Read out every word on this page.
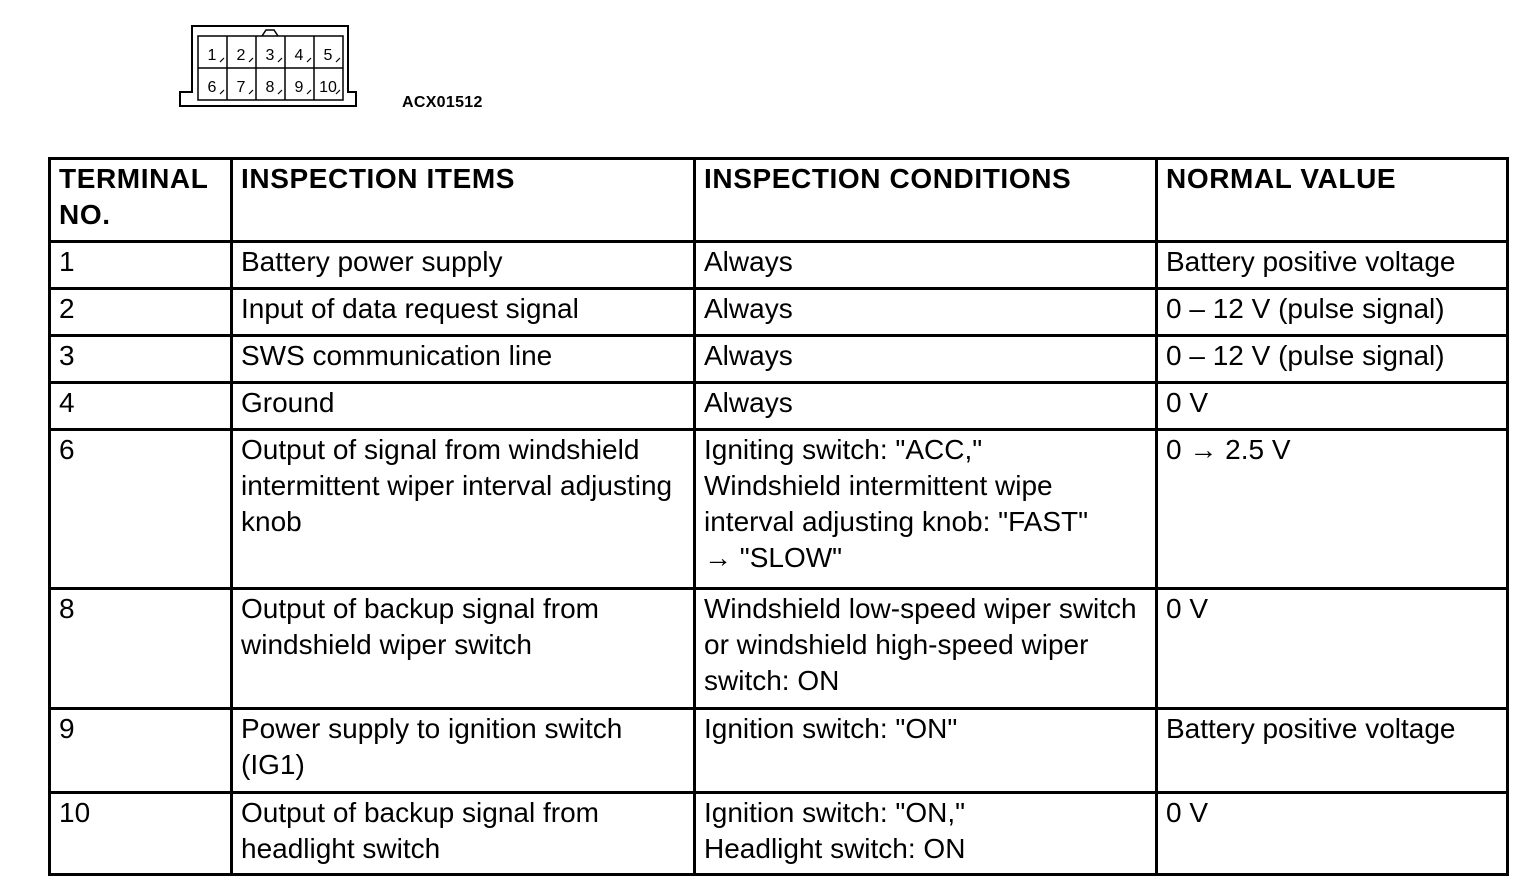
1 2 3 4 5
6 7 8 9 10
ACX01512
TERMINAL NO.	INSPECTION ITEMS	INSPECTION CONDITIONS	NORMAL VALUE
1	Battery power supply	Always	Battery positive voltage
2	Input of data request signal	Always	0 – 12 V (pulse signal)
3	SWS communication line	Always	0 – 12 V (pulse signal)
4	Ground	Always	0 V
6	Output of signal from windshield intermittent wiper interval adjusting knob	Igniting switch: "ACC,"
Windshield intermittent wipe interval adjusting knob: "FAST"
→ "SLOW"	0 → 2.5 V
8	Output of backup signal from windshield wiper switch	Windshield low-speed wiper switch or windshield high-speed wiper switch: ON	0 V
9	Power supply to ignition switch (IG1)	Ignition switch: "ON"	Battery positive voltage
10	Output of backup signal from headlight switch	Ignition switch: "ON,"
Headlight switch: ON	0 V
